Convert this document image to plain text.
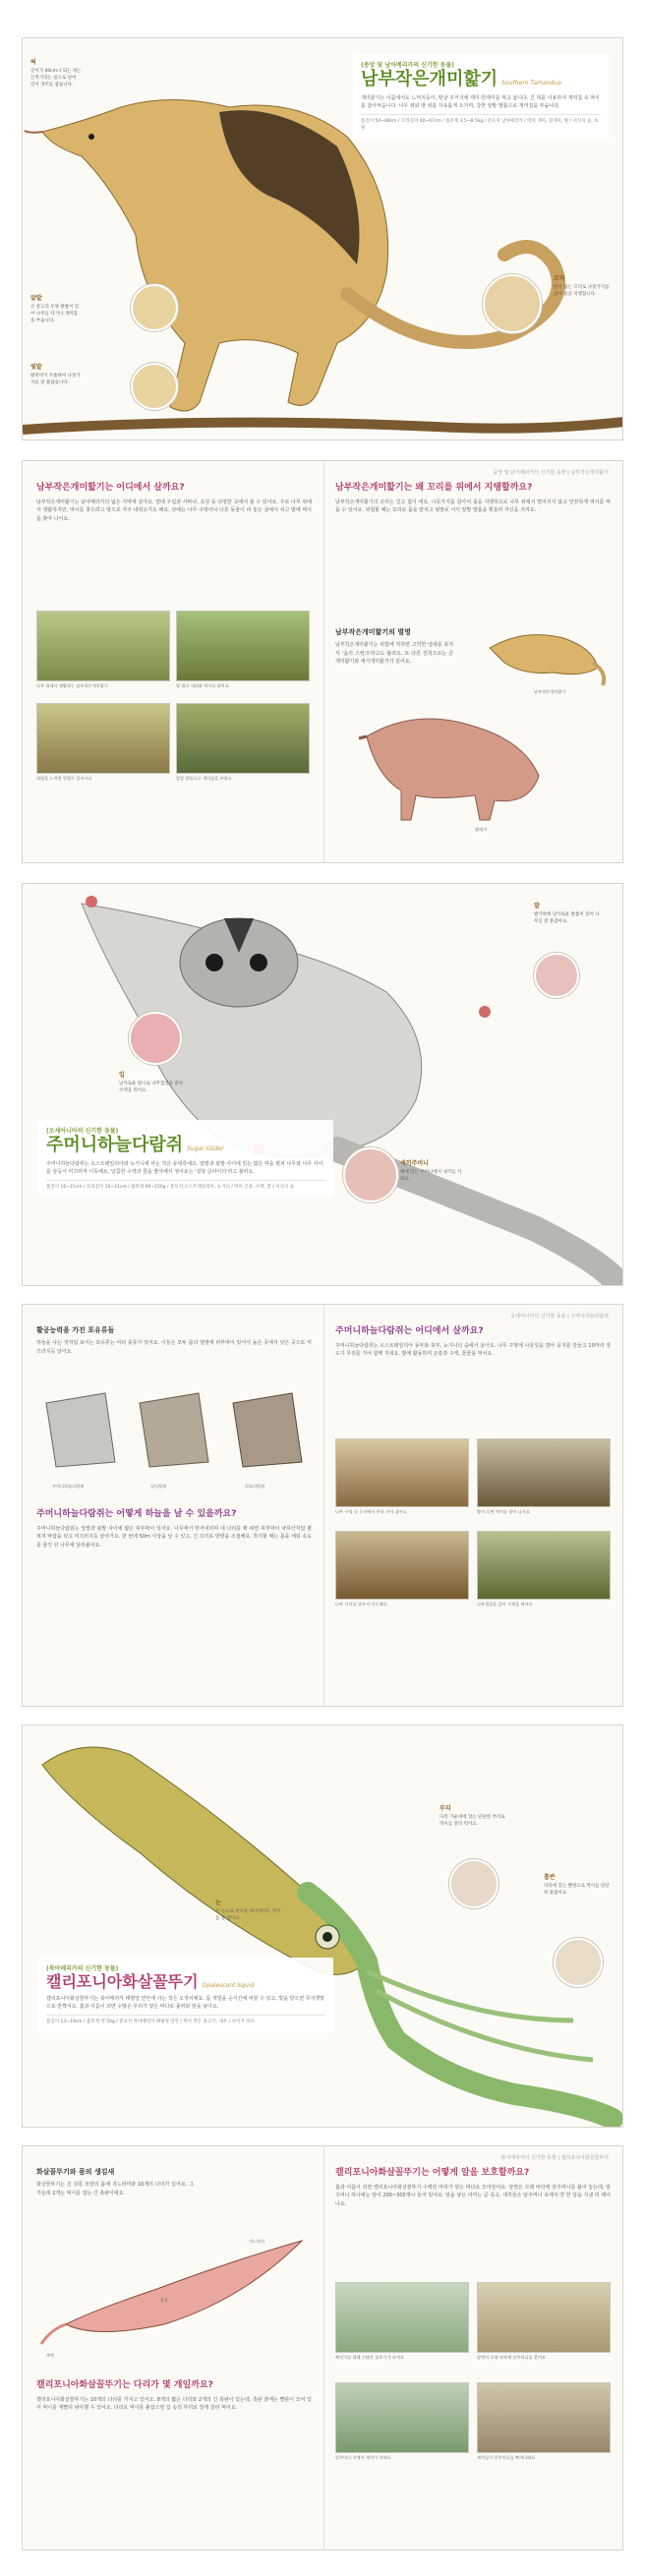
혀
길이가 40cm나 되는 혀는 끈적거리는 침으로 덮여 있어 개미를 잡습니다.
앞발
큰 갈고리 모양 발톱이 있어 나무를 타거나 개미집을 부숩니다.
뒷발
발바닥이 두툼하여 나뭇가지를 잘 붙잡습니다.
(중앙 및 남아메리카의 신기한 동물)
남부작은개미핥기 Southern Tamandua
개미핥기는 이름에서도 느껴지듯이, 땅굴 주거지에 개미·흰개미를 먹고 삽니다. 긴 혀를 이용하여 개미집 속 먹이를 잡아먹습니다. 나무 위와 땅 위를 자유롭게 오가며, 강한 앞발 발톱으로 개미집을 부숩니다.
몸길이 54~88cm / 꼬리길이 40~67cm / 몸무게 3.5~8.5kg / 분포지 남아메리카 / 먹이 개미, 흰개미, 벌 / 서식지 숲, 초원
꼬리
털이 없는 꼬리로 나뭇가지를 감아 몸을 지탱합니다.
중앙 및 남아메리카의 신기한 동물 | 남부작은개미핥기
남부작은개미핥기는 어디에서 살까요?
남부작은개미핥기는 남아메리카의 넓은 지역에 살아요. 열대 우림과 사바나, 초원 등 다양한 곳에서 볼 수 있어요. 주로 나무 위에서 생활하지만, 먹이를 찾으려고 땅으로 자주 내려오기도 해요. 낮에는 나무 구멍이나 다른 동물이 파 놓은 굴에서 쉬고 밤에 먹이를 찾아 나서요.
나무 위에서 생활하는 남부작은개미핥기	땅 위로 내려와 먹이를 찾아요
위험을 느끼면 뒷발로 일어서요	앞발 발톱으로 개미집을 부숴요
남부작은개미핥기는 왜 꼬리를 위에서 지탱할까요?
남부작은개미핥기의 꼬리는 길고 힘이 세요. 나뭇가지를 감아서 몸을 지탱하므로 나무 위에서 떨어지지 않고 안전하게 먹이를 먹을 수 있어요. 위험할 때는 꼬리로 몸을 받치고 뒷발로 서서 앞발 발톱을 휘둘러 자신을 지켜요.
남부작은개미핥기의 별명
남부작은개미핥기는 위험에 처하면 고약한 냄새를 풍겨서 '숲의 스컹크'라고도 불려요. 또 다른 친척으로는 큰개미핥기와 애기개미핥기가 있어요.
남부작은개미핥기
땅돼지
입
날카로운 앞니로 나무껍질을 갉아 수액을 먹어요.
발
발가락에 날카로운 발톱이 있어 나무를 잘 붙잡아요.
(오세아니아의 신기한 동물)
주머니하늘다람쥐 Sugar Glider
주머니하늘다람쥐는 오스트레일리아와 뉴기니에 사는 작은 유대류예요. 앞발과 뒷발 사이에 있는 얇은 막을 펼쳐 나무와 나무 사이를 날듯이 미끄러져 이동해요. 달콤한 수액과 꿀을 좋아해서 영어로는 '설탕 글라이더'라고 불러요.
몸길이 16~21cm / 꼬리길이 16~21cm / 몸무게 90~150g / 분포지 오스트레일리아, 뉴기니 / 먹이 곤충, 수액, 꿀 / 서식지 숲
새끼주머니
배에 있는 주머니에서 새끼를 키워요.
오세아니아의 신기한 동물 | 주머니하늘다람쥐
활공능력을 가진 포유류들
하늘을 나는 것처럼 보이는 포유류는 여러 종류가 있어요. 이들은 모두 몸의 양옆에 피부막이 있어서 높은 곳에서 낮은 곳으로 미끄러지듯 날아요.
주머니하늘다람쥐	날다람쥐	하늘다람쥐
주머니하늘다람쥐는 어떻게 하늘을 날 수 있을까요?
주머니하늘다람쥐는 앞발과 뒷발 사이에 얇은 피부막이 있어요. 나무에서 뛰어내리며 네 다리를 쫙 펴면 피부막이 낙하산처럼 펼쳐져 바람을 타고 미끄러지듯 날아가요. 한 번에 50m 이상을 날 수 있고, 긴 꼬리로 방향을 조절해요. 착지할 때는 몸을 세워 속도를 줄인 뒤 나무에 달라붙어요.
주머니하늘다람쥐는 어디에서 살까요?
주머니하늘다람쥐는 오스트레일리아 동부와 북부, 뉴기니의 숲에서 살아요. 나무 구멍에 나뭇잎을 깔아 둥지를 만들고 10마리 정도가 무리를 지어 함께 지내요. 밤에 활동하며 곤충과 수액, 꽃꿀을 먹어요.
나무 구멍 속 둥지에서 무리 지어 쉬어요	밤이 되면 먹이를 찾아 나서요
나무 사이를 날아서 이동해요	나무껍질을 갉아 수액을 먹어요
부리
다리 가운데에 있는 단단한 부리로 먹이를 잘라 먹어요.
흡반
다리에 있는 빨판으로 먹이를 단단히 붙잡아요.
눈
큰 눈으로 어두운 바다에서도 먹이를 잘 찾아요.
(북아메리카의 신기한 동물)
캘리포니아화살꼴뚜기 Opalescent Squid
캘리포니아화살꼴뚜기는 북아메리카 태평양 연안에 사는 작은 오징어예요. 몸 색깔을 순식간에 바꿀 수 있고, 빛을 받으면 무지갯빛으로 반짝여요. 봄과 여름이 되면 수많은 무리가 얕은 바다로 몰려와 알을 낳아요.
몸길이 13~19cm / 몸무게 약 50g / 분포지 북아메리카 태평양 연안 / 먹이 작은 물고기, 새우 / 서식지 바다
북아메리카의 신기한 동물 | 캘리포니아화살꼴뚜기
화살꼴뚜기와 몸의 생김새
화살꼴뚜기는 긴 원통 모양의 몸에 지느러미와 10개의 다리가 있어요. 그 가운데 2개는 먹이를 잡는 긴 촉완이에요.
지느러미
몸통
촉완
캘리포니아화살꼴뚜기는 다리가 몇 개일까요?
캘리포니아화살꼴뚜기는 10개의 다리를 가지고 있어요. 8개의 짧은 다리와 2개의 긴 촉완이 있는데, 촉완 끝에는 빨판이 모여 있어 먹이를 재빨리 낚아챌 수 있어요. 다리로 먹이를 붙잡으면 입 속의 부리로 잘게 잘라 먹어요.
캘리포니아화살꼴뚜기는 어떻게 알을 보호할까요?
봄과 여름이 되면 캘리포니아화살꼴뚜기 수백만 마리가 얕은 바다로 모여들어요. 암컷은 모래 바닥에 알주머니를 붙여 놓는데, 알주머니 하나에는 알이 200~300개나 들어 있어요. 알을 낳은 어미는 곧 죽고, 새끼들은 알주머니 속에서 약 한 달을 지낸 뒤 깨어나요.
짝짓기를 위해 수많은 꼴뚜기가 모여요	암컷이 모래 바닥에 알주머니를 붙여요
알주머니 속에서 새끼가 자라요	새끼들이 알주머니를 빠져나와요
